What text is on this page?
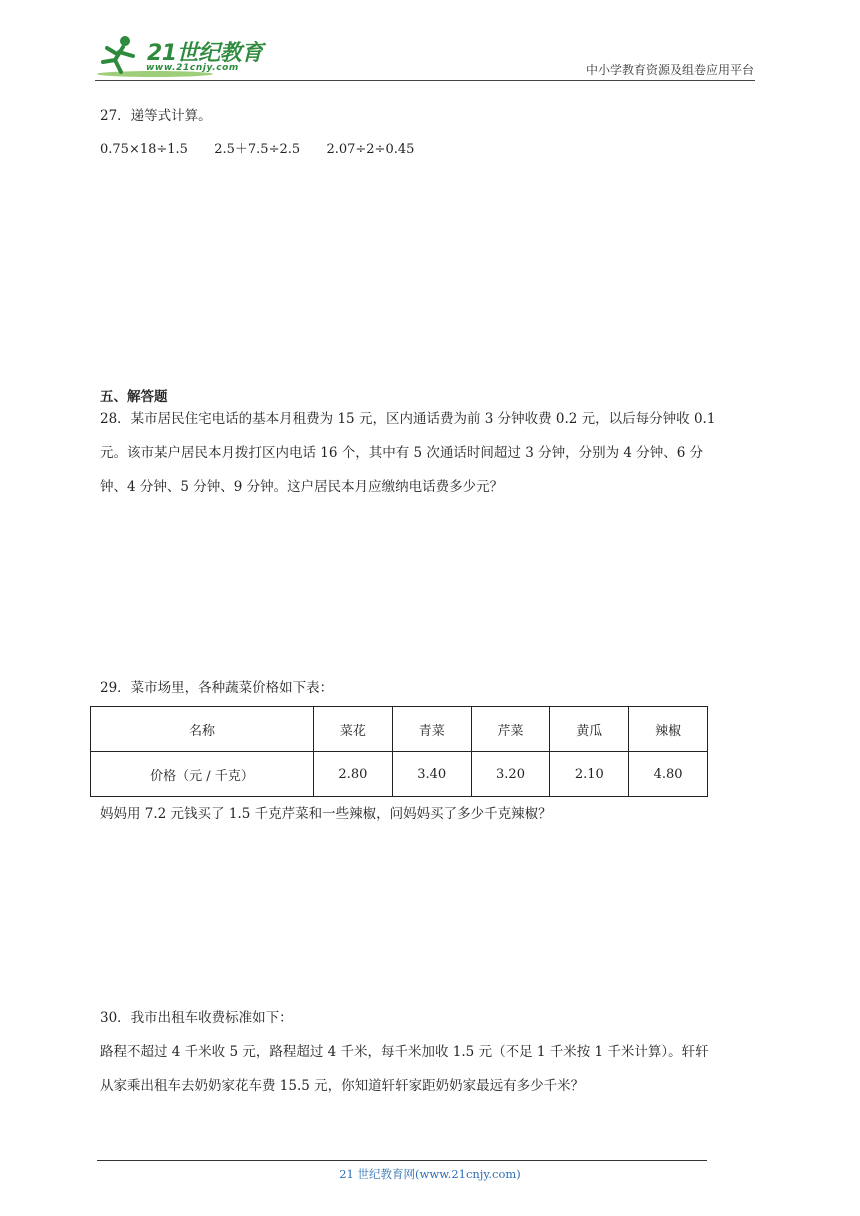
21世纪教育
www.21cnjy.com	中小学教育资源及组卷应用平台
27．递等式计算。
0.75×18÷1.5 2.5＋7.5÷2.5 2.07÷2÷0.45
五、解答题
28．某市居民住宅电话的基本月租费为 15 元，区内通话费为前 3 分钟收费 0.2 元，以后每分钟收 0.1
元。该市某户居民本月拨打区内电话 16 个，其中有 5 次通话时间超过 3 分钟，分别为 4 分钟、6 分
钟、4 分钟、5 分钟、9 分钟。这户居民本月应缴纳电话费多少元？
29．菜市场里，各种蔬菜价格如下表：
名称	菜花	青菜	芹菜	黄瓜	辣椒
价格（元 / 千克）	2.80	3.40	3.20	2.10	4.80
妈妈用 7.2 元钱买了 1.5 千克芹菜和一些辣椒，问妈妈买了多少千克辣椒？
30．我市出租车收费标准如下：
路程不超过 4 千米收 5 元，路程超过 4 千米，每千米加收 1.5 元（不足 1 千米按 1 千米计算）。轩轩
从家乘出租车去奶奶家花车费 15.5 元，你知道轩轩家距奶奶家最远有多少千米？
21 世纪教育网(www.21cnjy.com)
